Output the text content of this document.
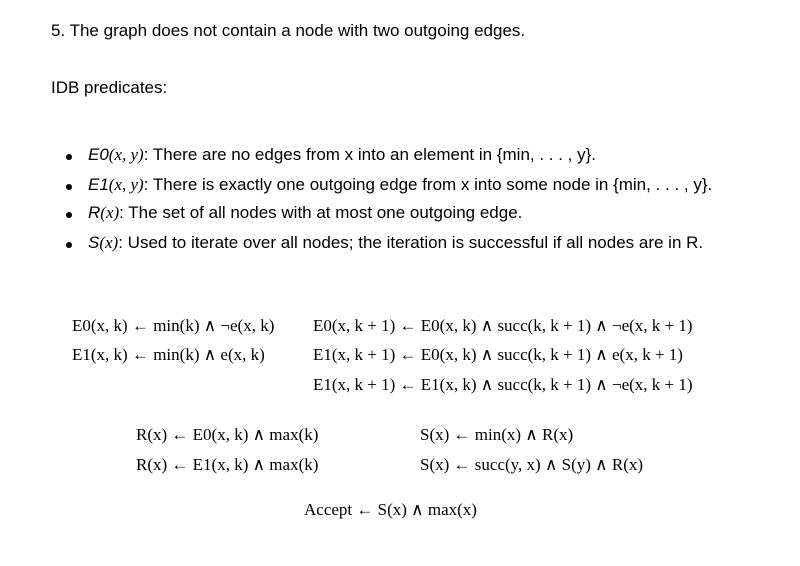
5. The graph does not contain a node with two outgoing edges.
IDB predicates:
E0(x, y): There are no edges from x into an element in {min, . . . , y}.
E1(x, y): There is exactly one outgoing edge from x into some node in {min, . . . , y}.
R(x): The set of all nodes with at most one outgoing edge.
S(x): Used to iterate over all nodes; the iteration is successful if all nodes are in R.
E0(x, k) ← min(k) ∧ ¬e(x, k)
E1(x, k) ← min(k) ∧ e(x, k)
E0(x, k + 1) ← E0(x, k) ∧ succ(k, k + 1) ∧ ¬e(x, k + 1)
E1(x, k + 1) ← E0(x, k) ∧ succ(k, k + 1) ∧ e(x, k + 1)
E1(x, k + 1) ← E1(x, k) ∧ succ(k, k + 1) ∧ ¬e(x, k + 1)
R(x) ← E0(x, k) ∧ max(k)
R(x) ← E1(x, k) ∧ max(k)
S(x) ← min(x) ∧ R(x)
S(x) ← succ(y, x) ∧ S(y) ∧ R(x)
Accept ← S(x) ∧ max(x)
